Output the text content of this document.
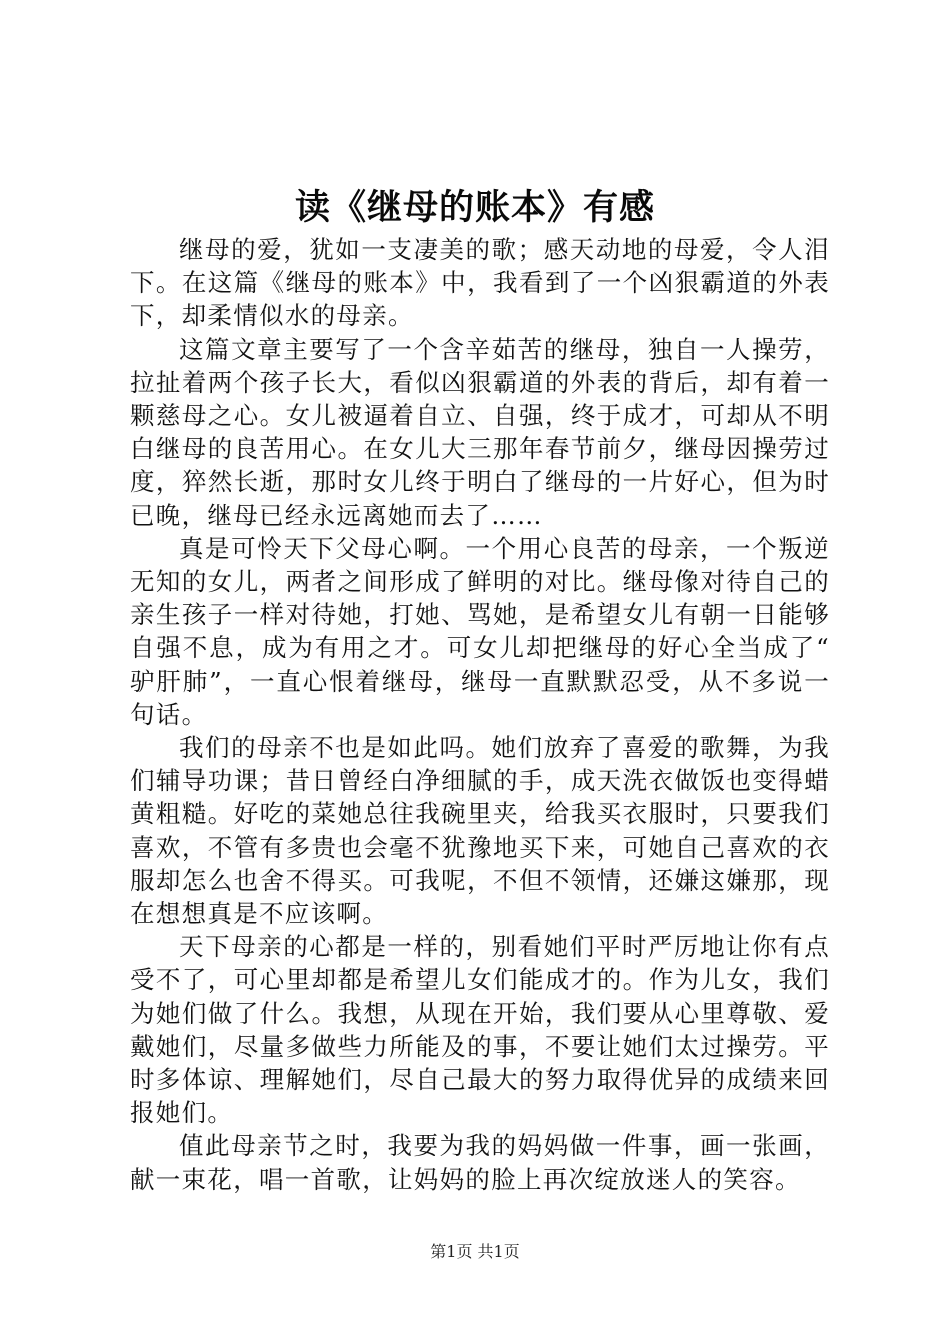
读《继母的账本》有感

继母的爱，犹如一支凄美的歌；感天动地的母爱，令人泪下。在这篇《继母的账本》中，我看到了一个凶狠霸道的外表下，却柔情似水的母亲。

这篇文章主要写了一个含辛茹苦的继母，独自一人操劳，拉扯着两个孩子长大，看似凶狠霸道的外表的背后，却有着一颗慈母之心。女儿被逼着自立、自强，终于成才，可却从不明白继母的良苦用心。在女儿大三那年春节前夕，继母因操劳过度，猝然长逝，那时女儿终于明白了继母的一片好心，但为时已晚，继母已经永远离她而去了……

真是可怜天下父母心啊。一个用心良苦的母亲，一个叛逆无知的女儿，两者之间形成了鲜明的对比。继母像对待自己的亲生孩子一样对待她，打她、骂她，是希望女儿有朝一日能够自强不息，成为有用之才。可女儿却把继母的好心全当成了“驴肝肺”，一直心恨着继母，继母一直默默忍受，从不多说一句话。

我们的母亲不也是如此吗。她们放弃了喜爱的歌舞，为我们辅导功课；昔日曾经白净细腻的手，成天洗衣做饭也变得蜡黄粗糙。好吃的菜她总往我碗里夹，给我买衣服时，只要我们喜欢，不管有多贵也会毫不犹豫地买下来，可她自己喜欢的衣服却怎么也舍不得买。可我呢，不但不领情，还嫌这嫌那，现在想想真是不应该啊。

天下母亲的心都是一样的，别看她们平时严厉地让你有点受不了，可心里却都是希望儿女们能成才的。作为儿女，我们为她们做了什么。我想，从现在开始，我们要从心里尊敬、爱戴她们，尽量多做些力所能及的事，不要让她们太过操劳。平时多体谅、理解她们，尽自己最大的努力取得优异的成绩来回报她们。

值此母亲节之时，我要为我的妈妈做一件事，画一张画，献一束花，唱一首歌，让妈妈的脸上再次绽放迷人的笑容。

第1页 共1页
